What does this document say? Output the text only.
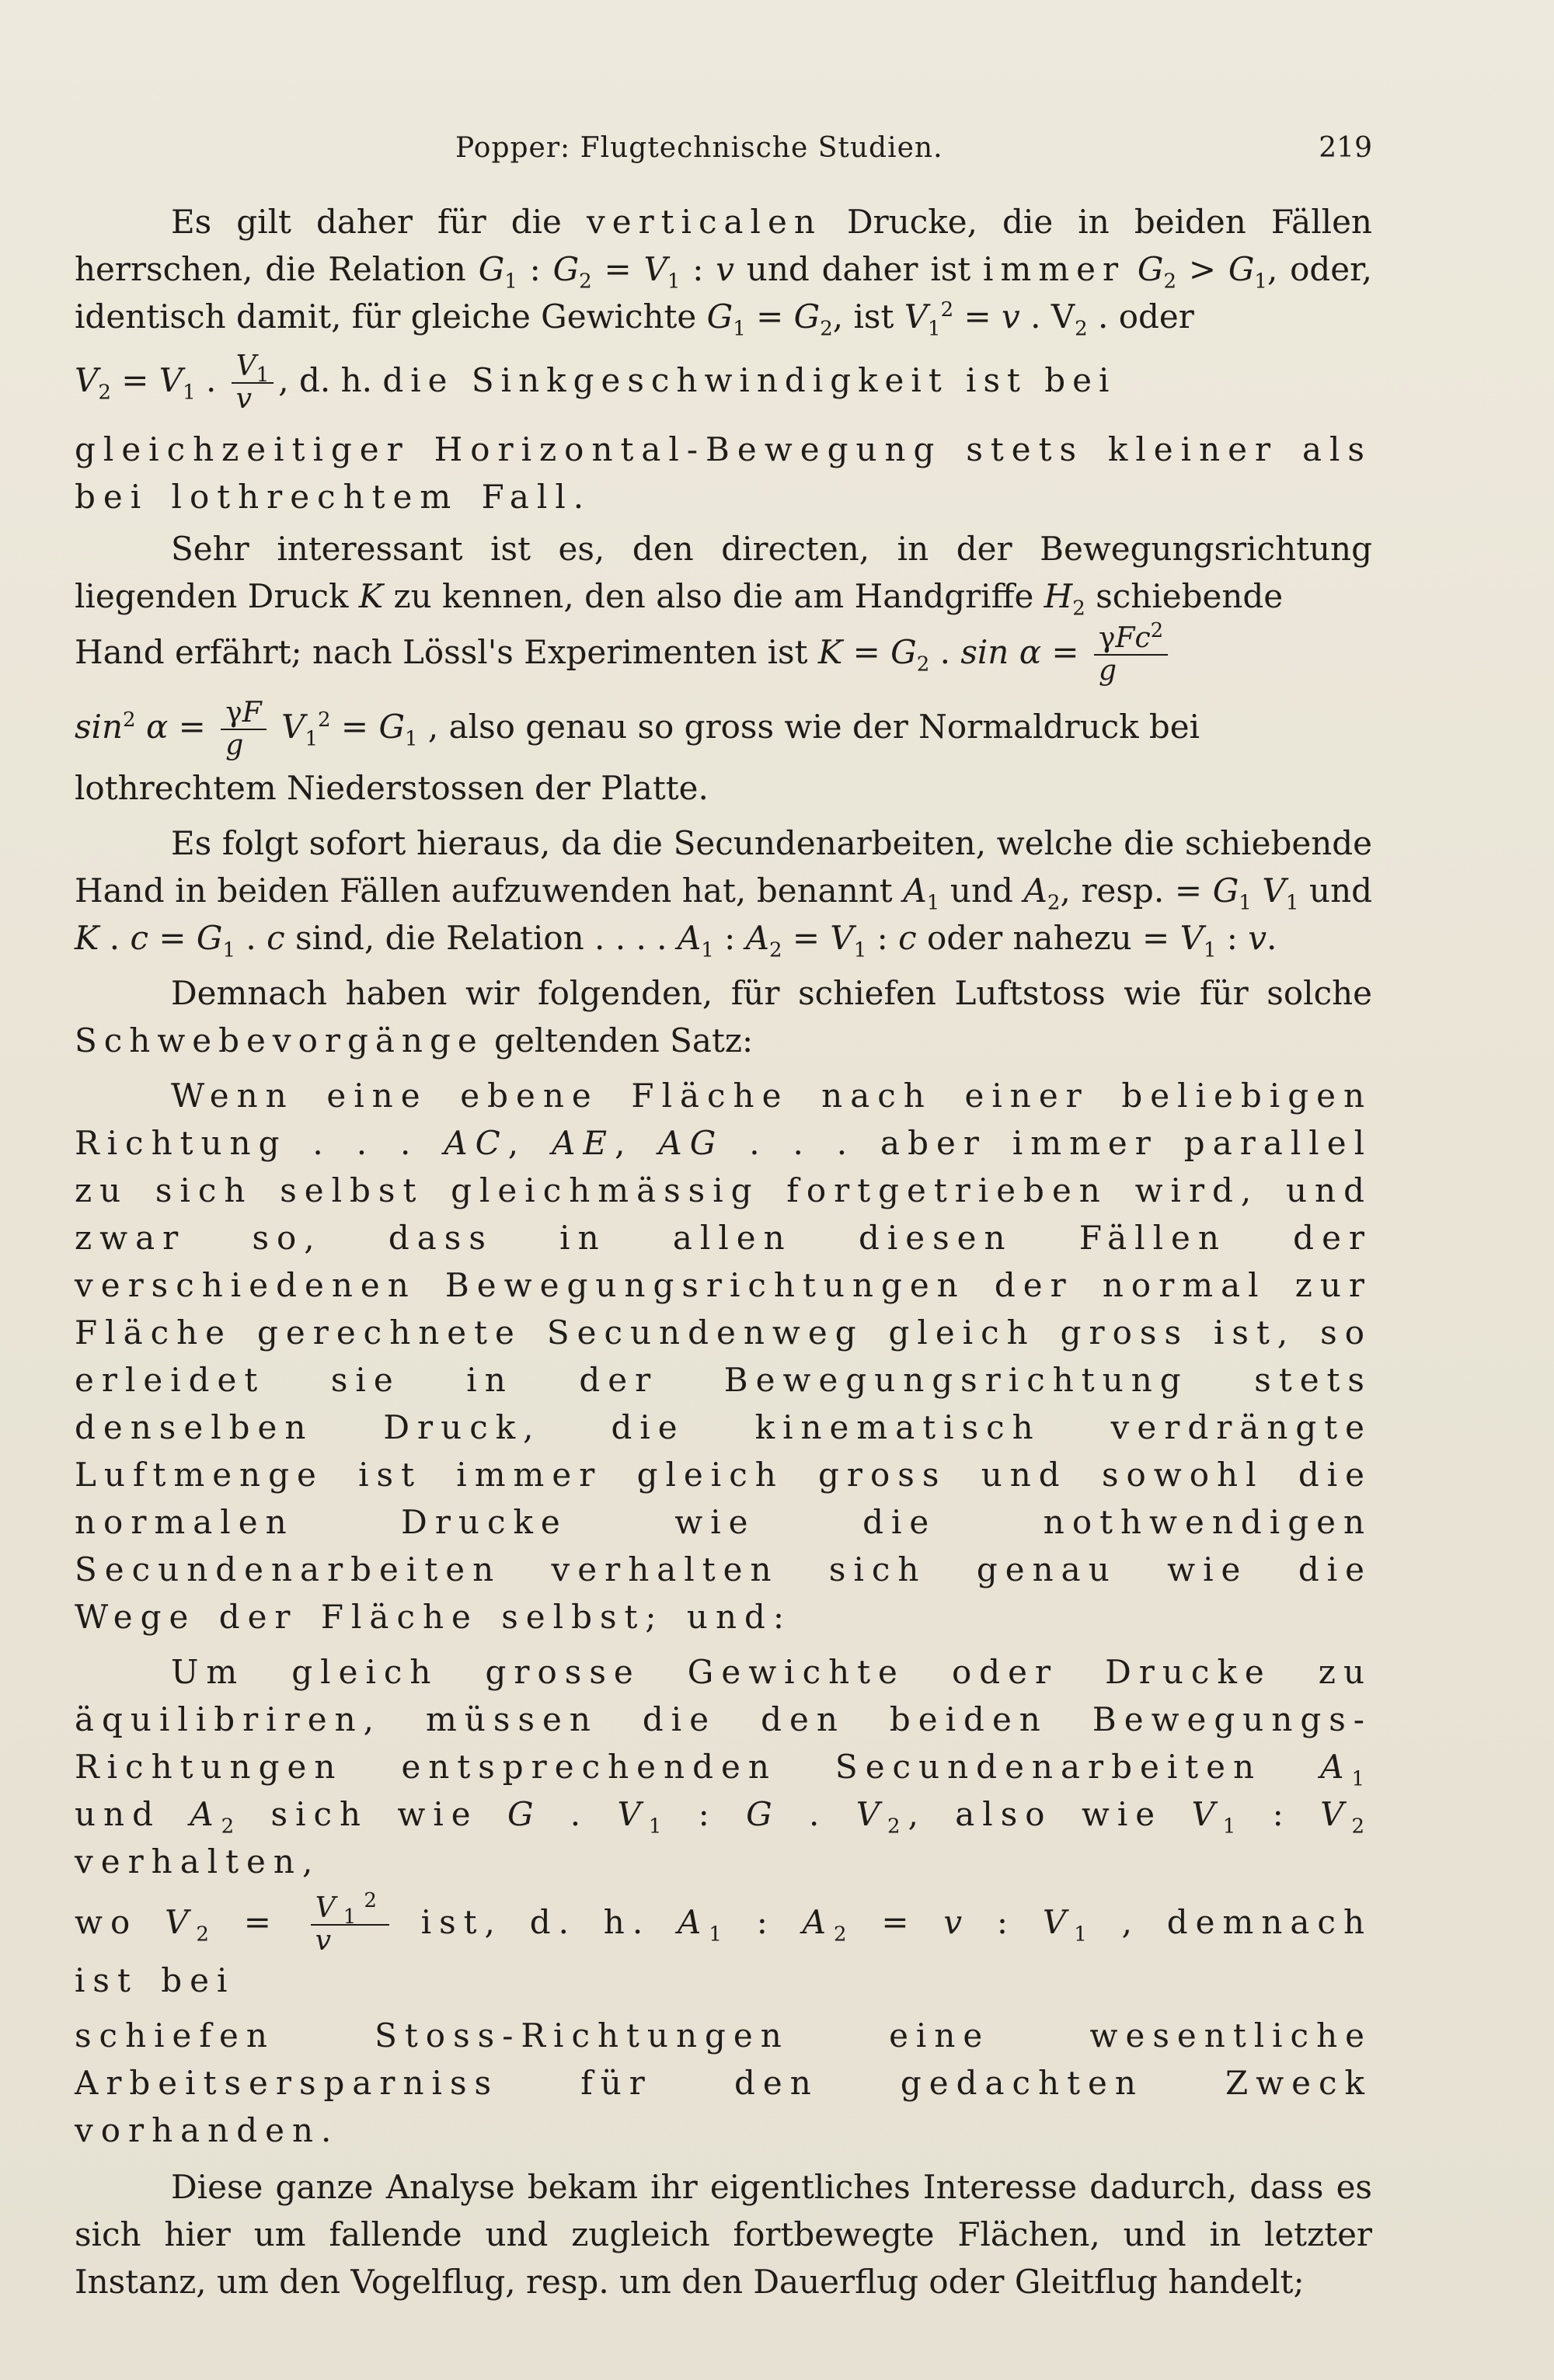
Popper: Flugtechnische Studien.	219

Es gilt daher für die verticalen Drucke, die in beiden Fällen herrschen, die Relation $G_1$ : $G_2 = V_1$ : v und daher ist immer $G_2 > G_1$, oder, identisch damit, für gleiche Gewichte $G_1 = G_2$, ist $V_1^2 = v$ . $V_2$ . oder

$V_2 = V_1$ . $\frac{V_1}{v}$ , d. h. die Sinkgeschwindigkeit ist bei

gleichzeitiger Horizontal-Bewegung stets kleiner als bei lothrechtem Fall.

Sehr interessant ist es, den directen, in der Bewegungsrichtung liegenden Druck K zu kennen, den also die am Handgriffe $H_2$ schiebende

Hand erfährt; nach Lössl's Experimenten ist $K = G_2$ . $\sin \alpha = \frac{\gamma Fc^2}{g}$

$\sin^2 \alpha = \frac{\gamma F}{g} V_1^2 = G_1$ , also genau so gross wie der Normaldruck bei

lothrechtem Niederstossen der Platte.

Es folgt sofort hieraus, da die Secundenarbeiten, welche die schiebende Hand in beiden Fällen aufzuwenden hat, benannt $A_1$ und $A_2$, resp. = $G_1$ $V_1$ und K . $c = G_1$ . c sind, die Relation . . . . $A_1$ : $A_2 = V_1$ : c oder nahezu = $V_1$ : v.

Demnach haben wir folgenden, für schiefen Luftstoss wie für solche Schwebevorgänge geltenden Satz:

Wenn eine ebene Fläche nach einer beliebigen Richtung . . . AC, AE, AG . . . aber immer parallel zu sich selbst gleichmässig fortgetrieben wird, und zwar so, dass in allen diesen Fällen der verschiedenen Bewegungsrichtungen der normal zur Fläche gerechnete Secundenweg gleich gross ist, so erleidet sie in der Bewegungsrichtung stets denselben Druck, die kinematisch verdrängte Luftmenge ist immer gleich gross und sowohl die normalen Drucke wie die nothwendigen Secundenarbeiten verhalten sich genau wie die Wege der Fläche selbst; und:

Um gleich grosse Gewichte oder Drucke zu äquilibriren, müssen die den beiden Bewegungs- Richtungen entsprechenden Secundenarbeiten $A_1$ und $A_2$ sich wie G . $V_1$ : G . $V_2$, also wie $V_1$ : $V_2$ verhalten,

wo $V_2 = \frac{V_1^2}{v}$ ist, d. h. $A_1$ : $A_2 = v$ : $V_1$ , demnach ist bei

schiefen Stoss-Richtungen eine wesentliche Arbeitsersparniss für den gedachten Zweck vorhanden.

Diese ganze Analyse bekam ihr eigentliches Interesse dadurch, dass es sich hier um fallende und zugleich fortbewegte Flächen, und in letzter Instanz, um den Vogelflug, resp. um den Dauerflug oder Gleitflug handelt;
